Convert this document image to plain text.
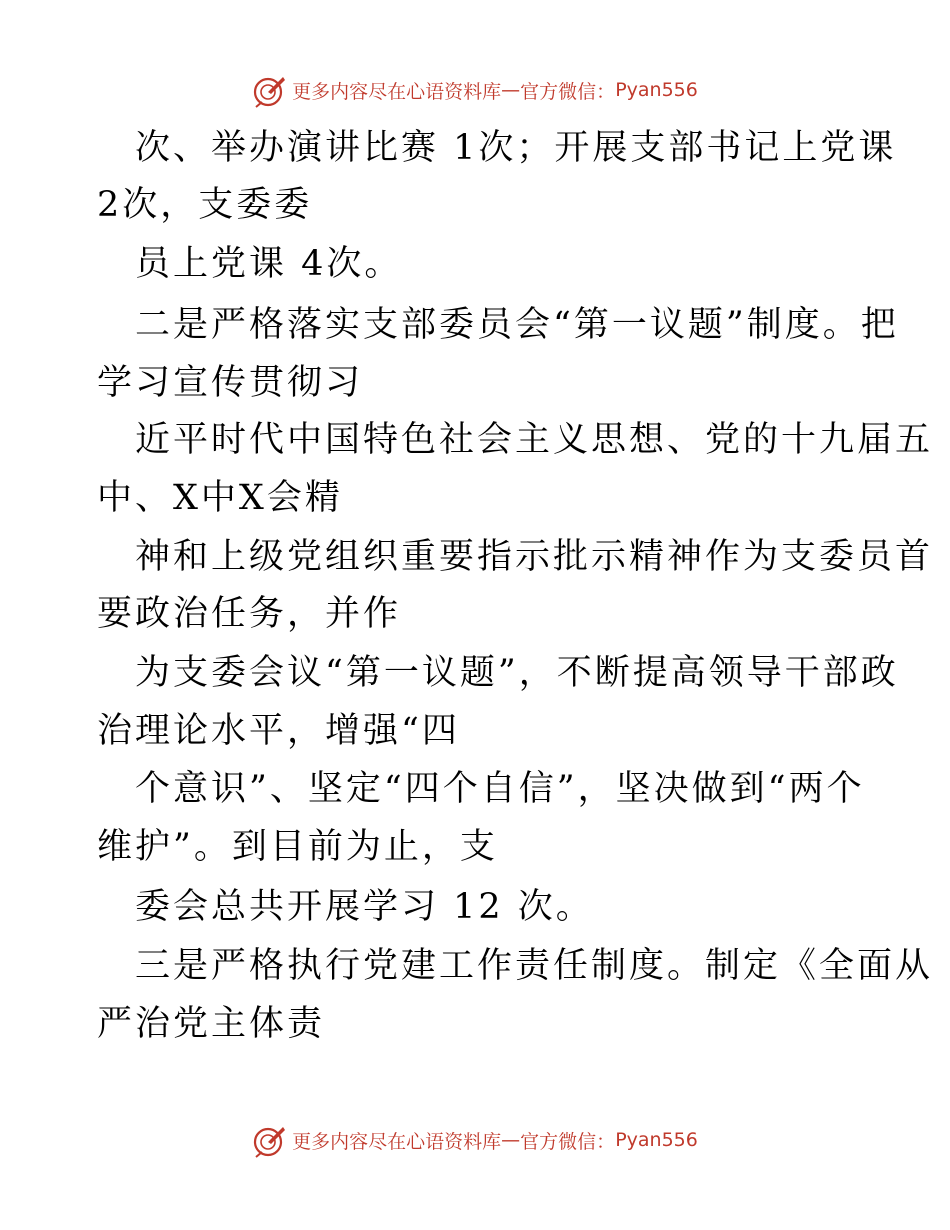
更多内容尽在心语资料库 — 官方微信： Pyan556
次、举办演讲比赛 1次；开展支部书记上党课
2次，支委委
员上党课 4次。
二是严格落实支部委员会“第一议题”制度。把
学习宣传贯彻习
近平时代中国特色社会主义思想、党的十九届五
中、X中X会精
神和上级党组织重要指示批示精神作为支委员首
要政治任务，并作
为支委会议“第一议题”，不断提高领导干部政
治理论水平，增强“四
个意识”、坚定“四个自信”，坚决做到“两个
维护”。到目前为止，支
委会总共开展学习 12 次。
三是严格执行党建工作责任制度。制定《全面从
严治党主体责
更多内容尽在心语资料库 — 官方微信： Pyan556
